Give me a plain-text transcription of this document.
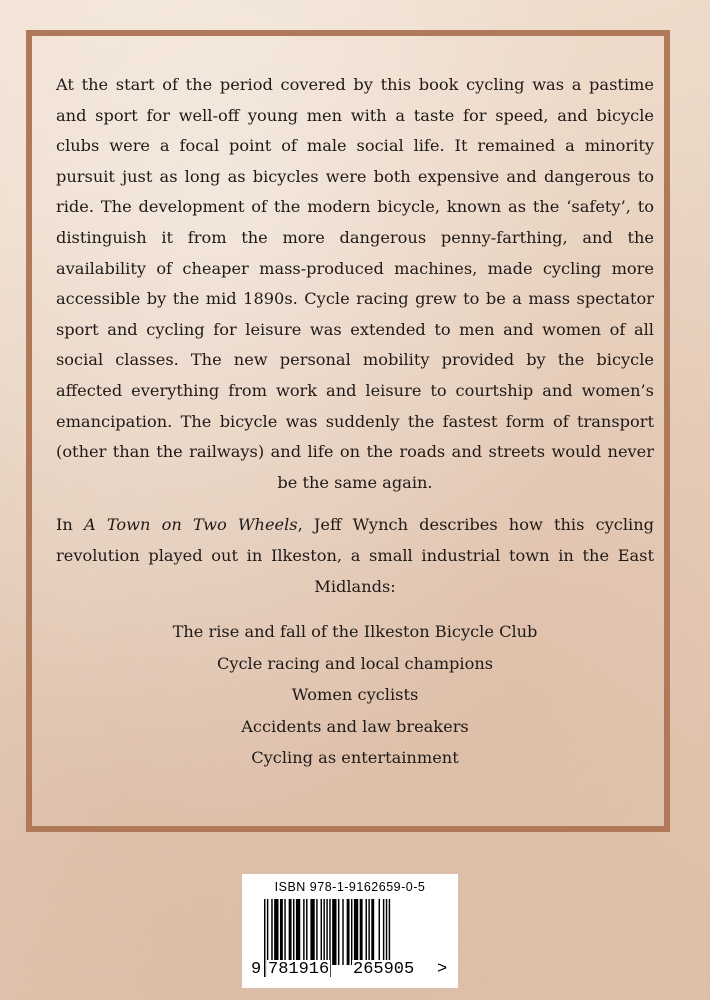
At the start of the period covered by this book cycling was a pastime and sport for well-off young men with a taste for speed, and bicycle clubs were a focal point of male social life. It remained a minority pursuit just as long as bicycles were both expensive and dangerous to ride. The development of the modern bicycle, known as the ‘safety’, to distinguish it from the more dangerous penny-farthing, and the availability of cheaper mass-produced machines, made cycling more accessible by the mid 1890s. Cycle racing grew to be a mass spectator sport and cycling for leisure was extended to men and women of all social classes. The new personal mobility provided by the bicycle affected everything from work and leisure to courtship and women’s emancipation. The bicycle was suddenly the fastest form of transport (other than the railways) and life on the roads and streets would never be the same again.

In A Town on Two Wheels, Jeff Wynch describes how this cycling revolution played out in Ilkeston, a small industrial town in the East Midlands:

The rise and fall of the Ilkeston Bicycle Club
Cycle racing and local champions
Women cyclists
Accidents and law breakers
Cycling as entertainment
ISBN 978-1-9162659-0-5
9 781916 265905 >
